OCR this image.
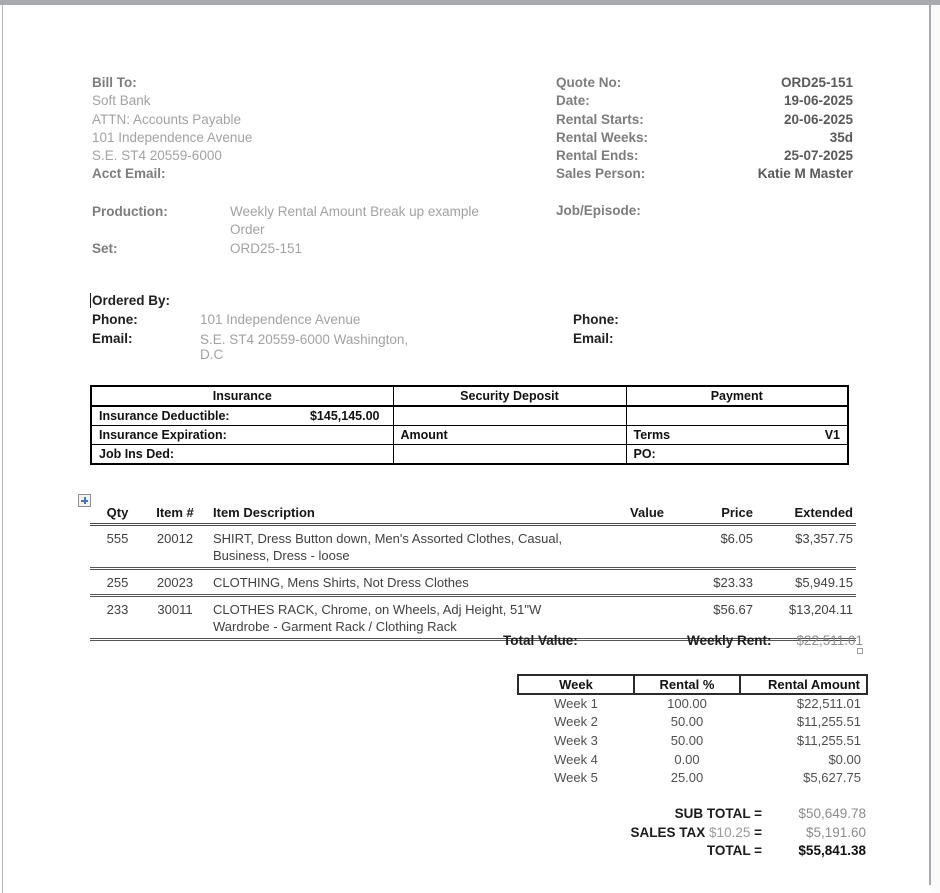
Bill To:
Soft Bank
ATTN: Accounts Payable
101 Independence Avenue
S.E. ST4 20559-6000
Acct Email:
Quote No:	ORD25-151
Date:	19-06-2025
Rental Starts:	20-06-2025
Rental Weeks:	35d
Rental Ends:	25-07-2025
Sales Person:	Katie M Master
Production:	Weekly Rental Amount Break up example Order
Set:	ORD25-151
Job/Episode:
Ordered By:
Phone:	101 Independence Avenue
Email:	S.E. ST4 20559-6000 Washington, D.C
Phone:
Email:
Insurance	Security Deposit	Payment

Insurance Deductible: $145,145.00		

Insurance Expiration:	Amount	Terms V1

Job Ins Ded:		PO:
Qty	Item #	Item Description	Value	Price	Extended
555	20012	SHIRT, Dress Button down, Men's Assorted Clothes, Casual, Business, Dress - loose		$6.05	$3,357.75
255	20023	CLOTHING, Mens Shirts, Not Dress Clothes		$23.33	$5,949.15
233	30011	CLOTHES RACK, Chrome, on Wheels, Adj Height, 51"W Wardrobe - Garment Rack / Clothing Rack		$56.67	$13,204.11
Total Value:	Weekly Rent:	$22,511.01
Week	Rental %	Rental Amount
Week 1	100.00	$22,511.01
Week 2	50.00	$11,255.51
Week 3	50.00	$11,255.51
Week 4	0.00	$0.00
Week 5	25.00	$5,627.75
SUB TOTAL =	$50,649.78
SALES TAX $10.25 =	$5,191.60
TOTAL =	$55,841.38
